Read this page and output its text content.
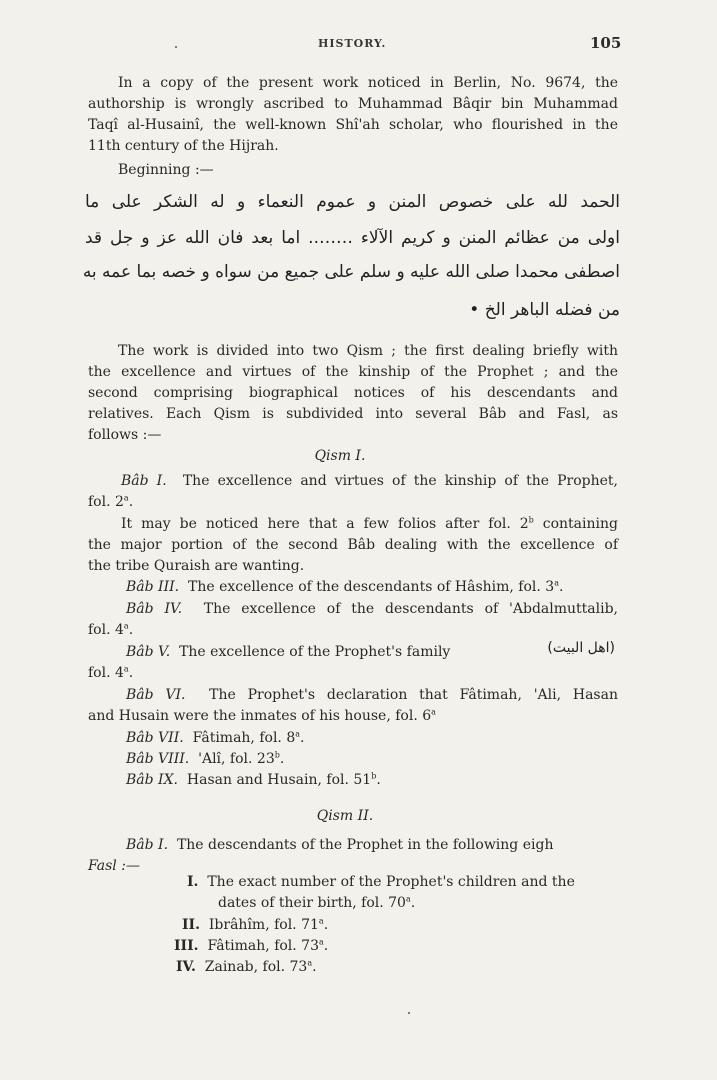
HISTORY.	105
In a copy of the present work noticed in Berlin, No. 9674, the
authorship is wrongly ascribed to Muhammad Bâqir bin Muhammad
Taqî al-Husainî, the well-known Shî'ah scholar, who flourished in the
11th century of the Hijrah.
Beginning :—
الحمد لله على خصوص المنن و عموم النعماء و له الشكر على ما
اولى من عظائم المنن و كريم الآلاء …….. اما بعد فان الله عز و جل قد
اصطفى محمدا صلى الله عليه و سلم على جميع من سواه و خصه بما عمه به
من فضله الباهر الخ •
The work is divided into two Qism ; the first dealing briefly with
the excellence and virtues of the kinship of the Prophet ; and the
second comprising biographical notices of his descendants and
relatives. Each Qism is subdivided into several Bâb and Fasl, as
follows :—
Qism I.
Bâb I. The excellence and virtues of the kinship of the Prophet,
fol. 2$^a$.
It may be noticed here that a few folios after fol. 2$^b$ containing
the major portion of the second Bâb dealing with the excellence of
the tribe Quraish are wanting.
Bâb III. The excellence of the descendants of Hâshim, fol. 3$^a$.
Bâb IV. The excellence of the descendants of 'Abdalmuttalib,
fol. 4$^a$.
Bâb V. The excellence of the Prophet's family	(اهل البيت)
fol. 4$^a$.
Bâb VI. The Prophet's declaration that Fâtimah, 'Ali, Hasan
and Husain were the inmates of his house, fol. 6$^a$
Bâb VII. Fâtimah, fol. 8$^a$.
Bâb VIII. 'Alî, fol. 23$^b$.
Bâb IX. Hasan and Husain, fol. 51$^b$.
Qism II.
Bâb I. The descendants of the Prophet in the following eigh
Fasl :—
I. The exact number of the Prophet's children and the
dates of their birth, fol. 70$^a$.
II. Ibrâhîm, fol. 71$^a$.
III. Fâtimah, fol. 73$^a$.
IV. Zainab, fol. 73$^a$.
